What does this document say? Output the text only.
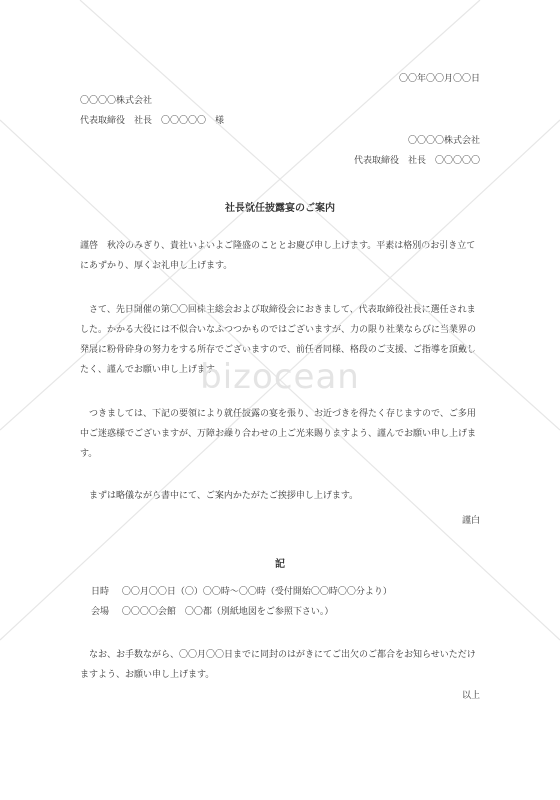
〇〇年〇〇月〇〇日
〇〇〇〇株式会社
代表取締役　社長　〇〇〇〇〇　様
〇〇〇〇株式会社
代表取締役　社長　〇〇〇〇〇
社長就任披露宴のご案内
謹啓　秋冷のみぎり、貴社いよいよご隆盛のこととお慶び申し上げます。平素は格別のお引き立てにあずかり、厚くお礼申し上げます。
さて、先日開催の第〇〇回株主総会および取締役会におきまして、代表取締役社長に選任されました。かかる大役には不似合いなふつつかものではございますが、力の限り社業ならびに当業界の発展に粉骨砕身の努力をする所存でございますので、前任者同様、格段のご支援、ご指導を頂戴したく、謹んでお願い申し上げます。
つきましては、下記の要領により就任披露の宴を張り、お近づきを得たく存じますので、ご多用中ご迷惑様でございますが、万障お繰り合わせの上ご光来賜りますよう、謹んでお願い申し上げます。
まずは略儀ながら書中にて、ご案内かたがたご挨拶申し上げます。
謹白
記
日時 〇〇月〇〇日（〇）〇〇時～〇〇時（受付開始〇〇時〇〇分より）
会場 〇〇〇〇会館　〇〇都（別紙地図をご参照下さい。）
なお、お手数ながら、〇〇月〇〇日までに同封のはがきにてご出欠のご都合をお知らせいただけますよう、お願い申し上げます。
以上
bizocean
